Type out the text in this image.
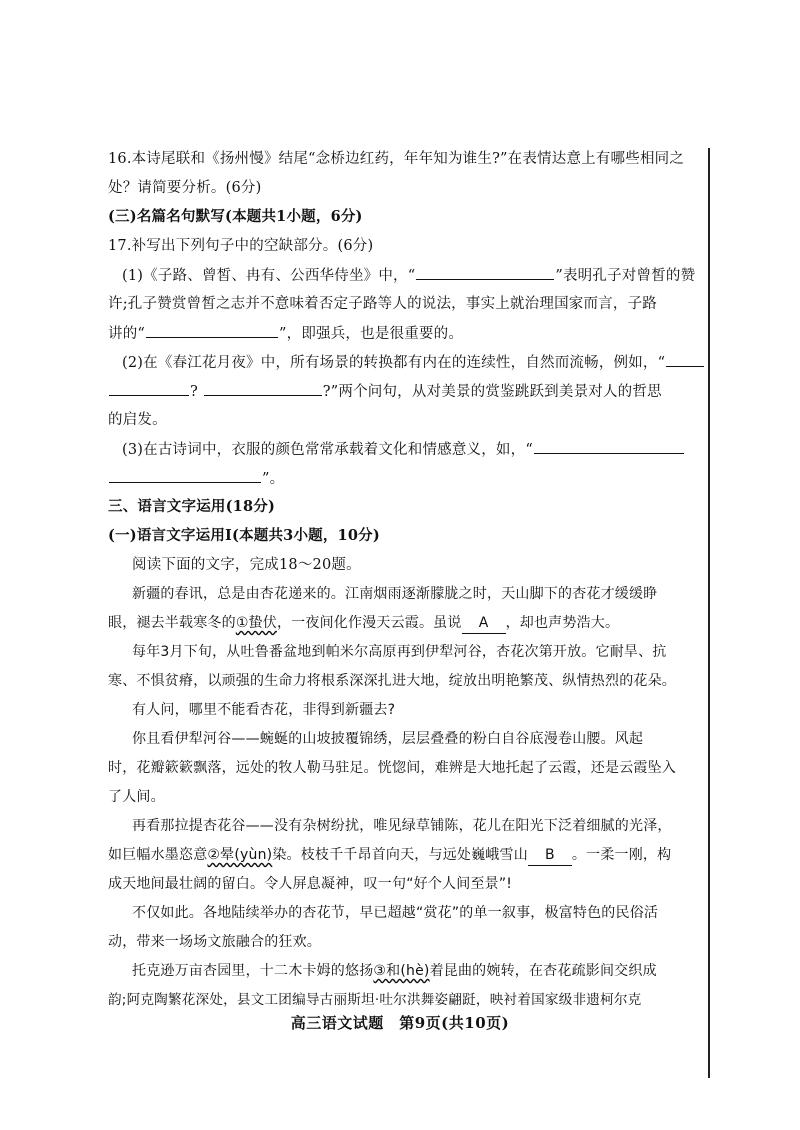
16.本诗尾联和《扬州慢》结尾“念桥边红药，年年知为谁生?”在表情达意上有哪些相同之
处？请简要分析。(6分)
(三)名篇名句默写(本题共1小题，6分)
17.补写出下列句子中的空缺部分。(6分)
(1)《子路、曾皙、冉有、公西华侍坐》中，“	”表明孔子对曾皙的赞
许;孔子赞赏曾皙之志并不意味着否定子路等人的说法，事实上就治理国家而言，子路
讲的“	”，即强兵，也是很重要的。
(2)在《春江花月夜》中，所有场景的转换都有内在的连续性，自然而流畅，例如，“
?	?”两个问句，从对美景的赏鉴跳跃到美景对人的哲思
的启发。
(3)在古诗词中，衣服的颜色常常承载着文化和情感意义，如，“
”。
三、语言文字运用(18分)
(一)语言文字运用Ⅰ(本题共3小题，10分)
阅读下面的文字，完成18～20题。
新疆的春讯，总是由杏花递来的。江南烟雨逐渐朦胧之时，天山脚下的杏花才缓缓睁
眼，褪去半载寒冬的①蛰伏，一夜间化作漫天云霞。虽说 A ，却也声势浩大。
每年3月下旬，从吐鲁番盆地到帕米尔高原再到伊犁河谷，杏花次第开放。它耐旱、抗
寒、不惧贫瘠，以顽强的生命力将根系深深扎进大地，绽放出明艳繁茂、纵情热烈的花朵。
有人问，哪里不能看杏花，非得到新疆去?
你且看伊犁河谷——蜿蜒的山坡披覆锦绣，层层叠叠的粉白自谷底漫卷山腰。风起
时，花瓣簌簌飘落，远处的牧人勒马驻足。恍惚间，难辨是大地托起了云霞，还是云霞坠入
了人间。
再看那拉提杏花谷——没有杂树纷扰，唯见绿草铺陈，花儿在阳光下泛着细腻的光泽，
如巨幅水墨恣意②晕(yùn)染。枝枝千千昂首向天，与远处巍峨雪山 B 。一柔一刚，构
成天地间最壮阔的留白。令人屏息凝神，叹一句“好个人间至景”!
不仅如此。各地陆续举办的杏花节，早已超越“赏花”的单一叙事，极富特色的民俗活
动，带来一场场文旅融合的狂欢。
托克逊万亩杏园里，十二木卡姆的悠扬③和(hè)着昆曲的婉转，在杏花疏影间交织成
韵;阿克陶繁花深处，县文工团编导古丽斯坦·吐尔洪舞姿翩跹，映衬着国家级非遗柯尔克
高三语文试题　第9页(共10页)
